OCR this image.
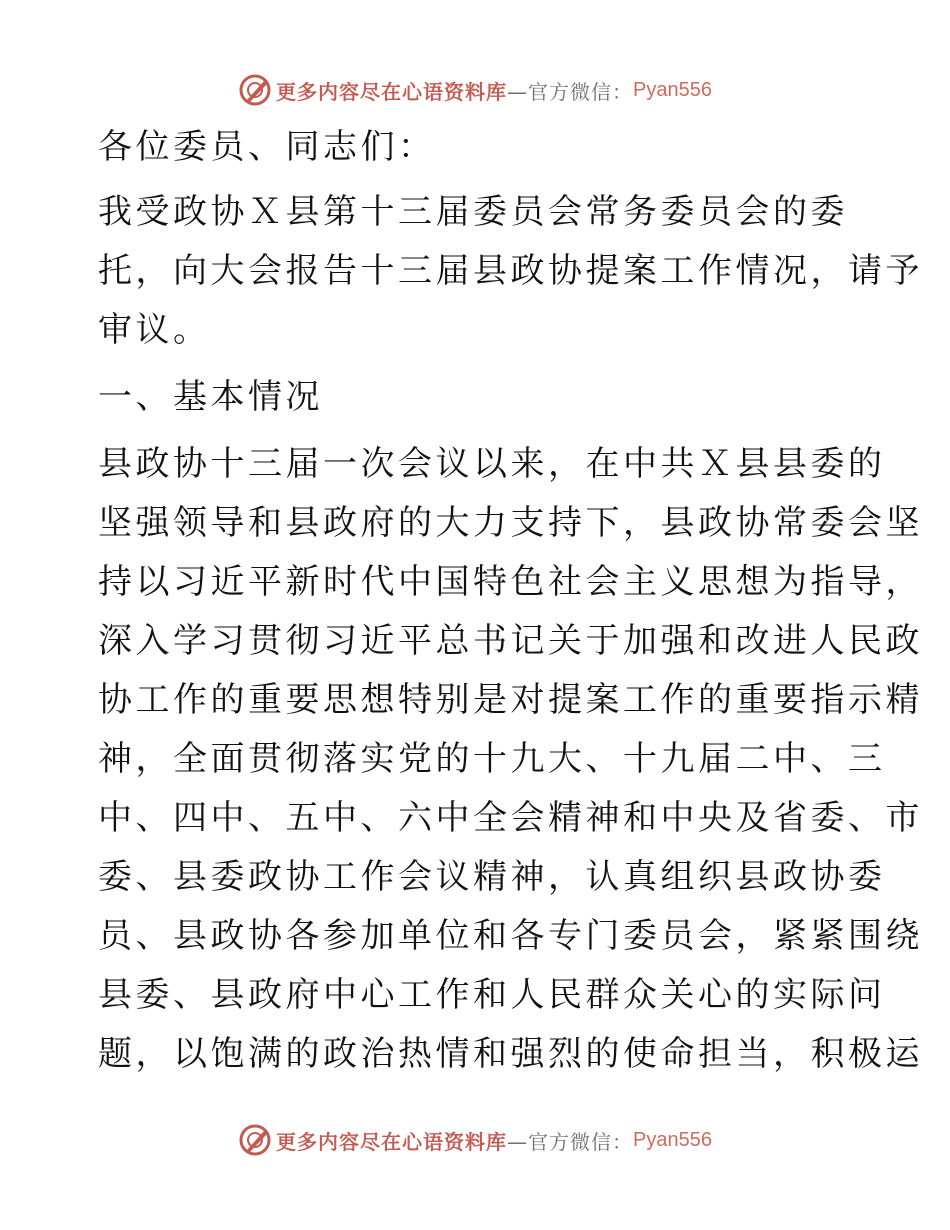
更多内容尽在心语资料库 —官方微信： Pyan556

各位委员、同志们：

我受政协Ｘ县第十三届委员会常务委员会的委

托，向大会报告十三届县政协提案工作情况，请予

审议。

一、基本情况

县政协十三届一次会议以来，在中共Ｘ县县委的

坚强领导和县政府的大力支持下，县政协常委会坚

持以习近平新时代中国特色社会主义思想为指导，

深入学习贯彻习近平总书记关于加强和改进人民政

协工作的重要思想特别是对提案工作的重要指示精

神，全面贯彻落实党的十九大、十九届二中、三

中、四中、五中、六中全会精神和中央及省委、市

委、县委政协工作会议精神，认真组织县政协委

员、县政协各参加单位和各专门委员会，紧紧围绕

县委、县政府中心工作和人民群众关心的实际问

题，以饱满的政治热情和强烈的使命担当，积极运

更多内容尽在心语资料库 —官方微信： Pyan556
